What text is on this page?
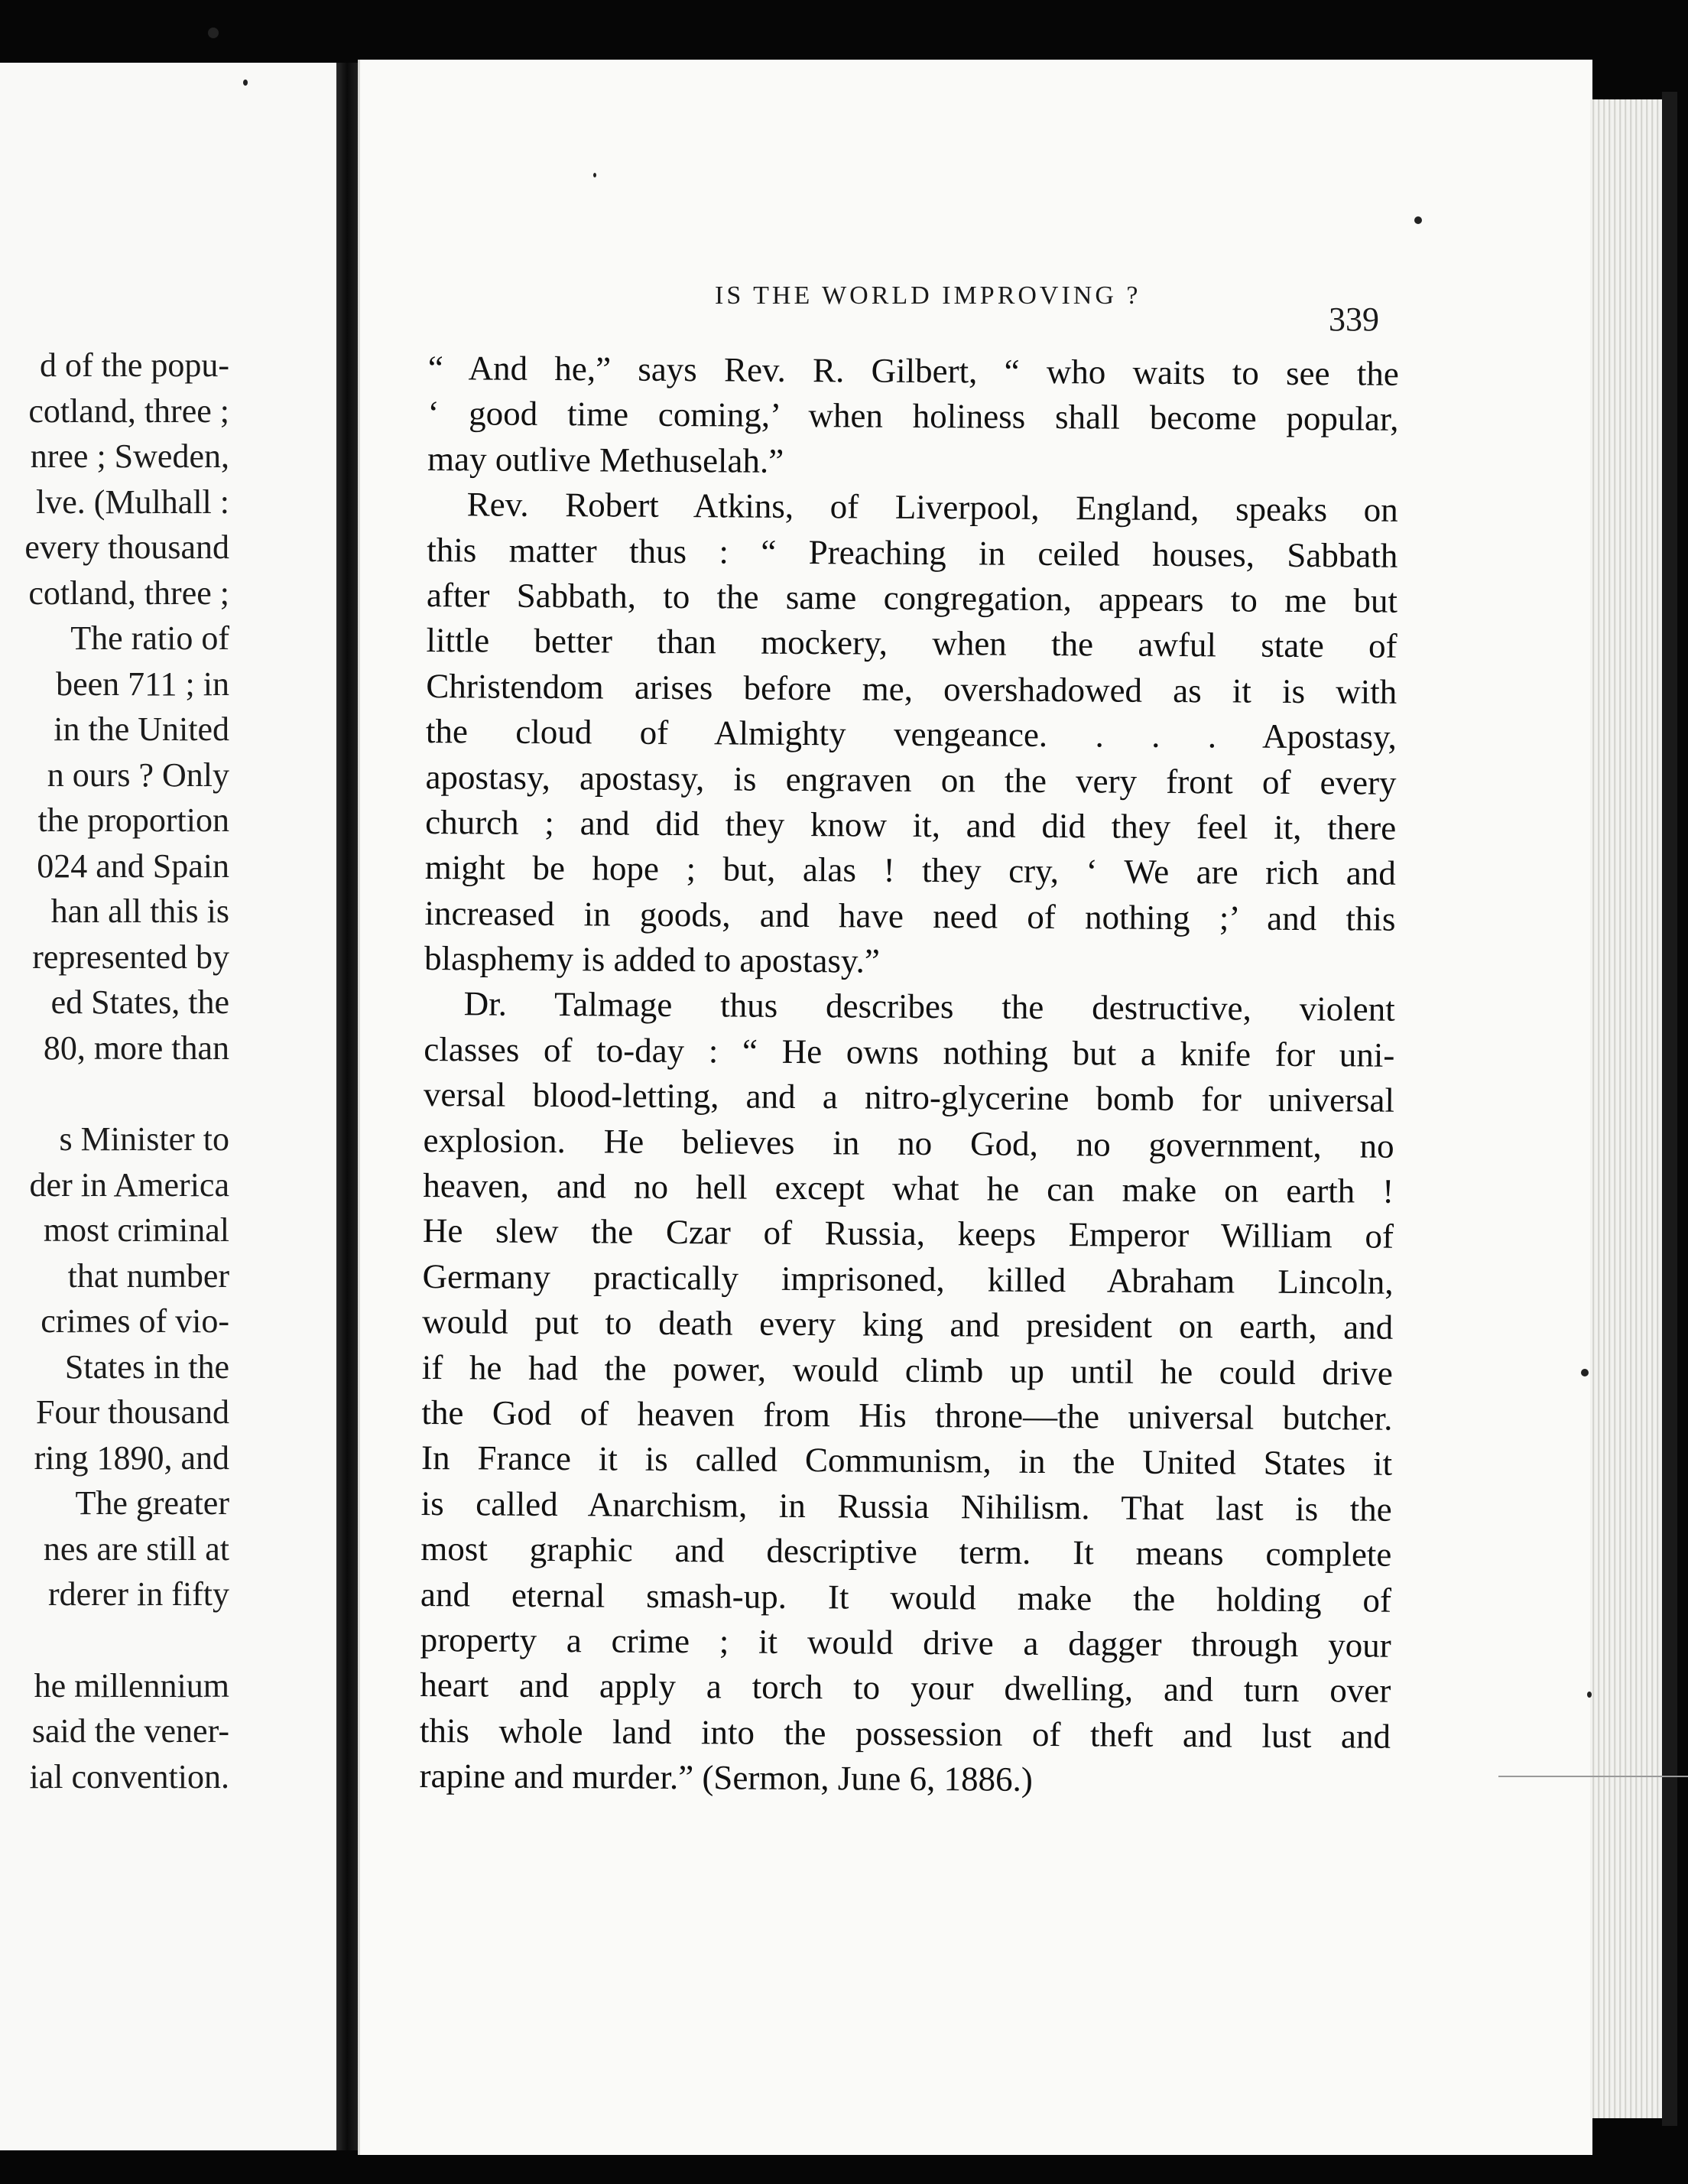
d of the popu-
cotland, three ;
nree ; Sweden,
lve. (Mulhall :
every thousand
cotland, three ;
The ratio of
been 711 ; in
in the United
n ours ? Only
the proportion
024 and Spain
han all this is
represented by
ed States, the
80, more than
s Minister to
der in America
most criminal
that number
crimes of vio-
States in the
Four thousand
ring 1890, and
The greater
nes are still at
rderer in fifty
he millennium
said the vener-
ial convention.
IS THE WORLD IMPROVING ?
339
“ And he,” says Rev. R. Gilbert, “ who waits to see the
‘ good time coming,’ when holiness shall become popular,
may outlive Methuselah.”
Rev. Robert Atkins, of Liverpool, England, speaks on
this matter thus : “ Preaching in ceiled houses, Sabbath
after Sabbath, to the same congregation, appears to me but
little better than mockery, when the awful state of
Christendom arises before me, overshadowed as it is with
the cloud of Almighty vengeance. . . . Apostasy,
apostasy, apostasy, is engraven on the very front of every
church ; and did they know it, and did they feel it, there
might be hope ; but, alas ! they cry, ‘ We are rich and
increased in goods, and have need of nothing ;’ and this
blasphemy is added to apostasy.”
Dr. Talmage thus describes the destructive, violent
classes of to-day : “ He owns nothing but a knife for uni-
versal blood-letting, and a nitro-glycerine bomb for universal
explosion. He believes in no God, no government, no
heaven, and no hell except what he can make on earth !
He slew the Czar of Russia, keeps Emperor William of
Germany practically imprisoned, killed Abraham Lincoln,
would put to death every king and president on earth, and
if he had the power, would climb up until he could drive
the God of heaven from His throne—the universal butcher.
In France it is called Communism, in the United States it
is called Anarchism, in Russia Nihilism. That last is the
most graphic and descriptive term. It means complete
and eternal smash-up. It would make the holding of
property a crime ; it would drive a dagger through your
heart and apply a torch to your dwelling, and turn over
this whole land into the possession of theft and lust and
rapine and murder.” (Sermon, June 6, 1886.)
